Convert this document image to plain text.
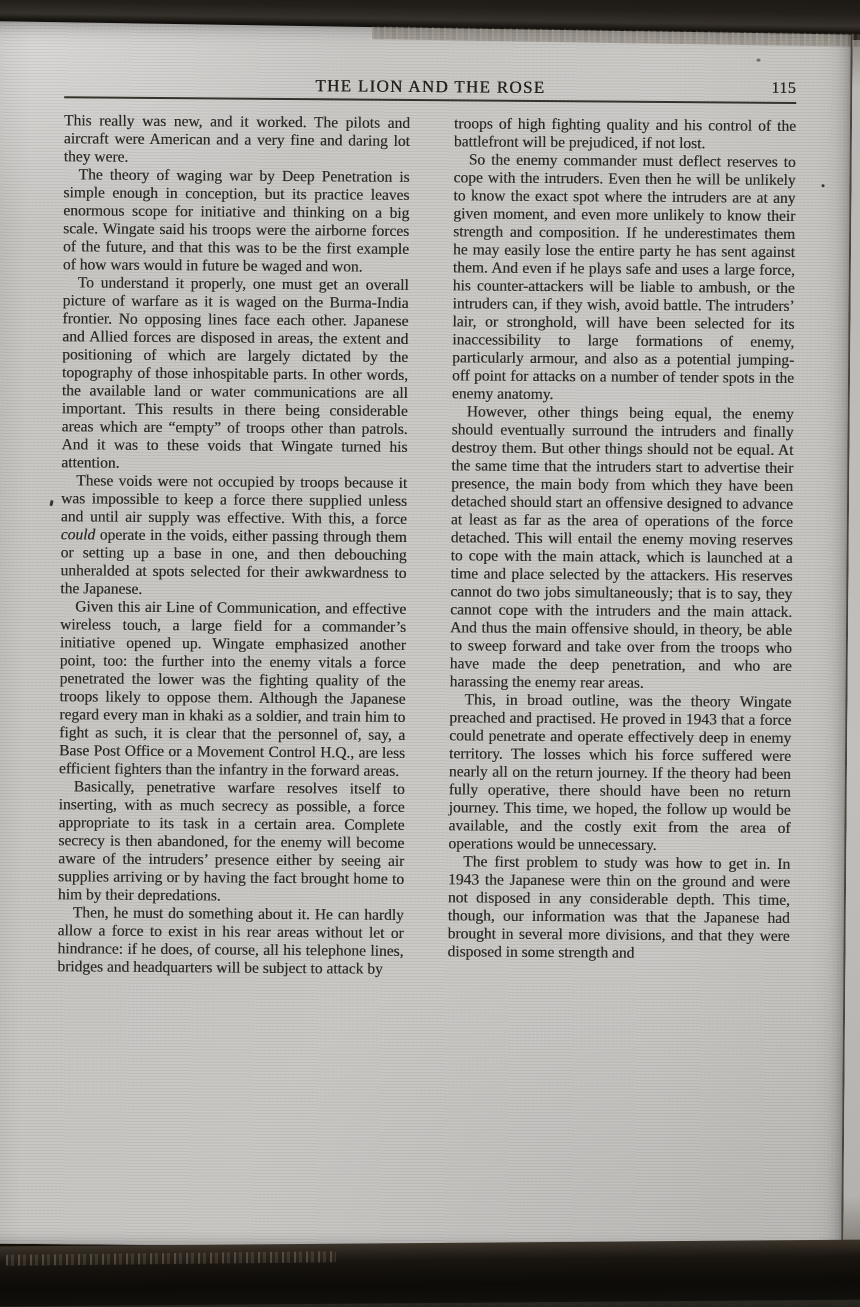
THE LION AND THE ROSE	115

This really was new, and it worked. The pilots and aircraft were American and a very fine and daring lot they were.

The theory of waging war by Deep Penetration is simple enough in conception, but its practice leaves enormous scope for initiative and thinking on a big scale. Wingate said his troops were the airborne forces of the future, and that this was to be the first example of how wars would in future be waged and won.

To understand it properly, one must get an overall picture of warfare as it is waged on the Burma-India frontier. No opposing lines face each other. Japanese and Allied forces are disposed in areas, the extent and positioning of which are largely dictated by the topography of those inhospitable parts. In other words, the available land or water communications are all important. This results in there being considerable areas which are “empty” of troops other than patrols. And it was to these voids that Wingate turned his attention.

These voids were not occupied by troops because it was impossible to keep a force there supplied unless and until air supply was effective. With this, a force could operate in the voids, either passing through them or setting up a base in one, and then debouching unheralded at spots selected for their awkwardness to the Japanese.

Given this air Line of Communication, and effective wireless touch, a large field for a commander’s initiative opened up. Wingate emphasized another point, too: the further into the enemy vitals a force penetrated the lower was the fighting quality of the troops likely to oppose them. Although the Japanese regard every man in khaki as a soldier, and train him to fight as such, it is clear that the personnel of, say, a Base Post Office or a Movement Control H.Q., are less efficient fighters than the infantry in the forward areas.

Basically, penetrative warfare resolves itself to inserting, with as much secrecy as possible, a force appropriate to its task in a certain area. Complete secrecy is then abandoned, for the enemy will become aware of the intruders’ presence either by seeing air supplies arriving or by having the fact brought home to him by their depredations.

Then, he must do something about it. He can hardly allow a force to exist in his rear areas without let or hindrance: if he does, of course, all his telephone lines, bridges and headquarters will be subject to attack by

troops of high fighting quality and his control of the battlefront will be prejudiced, if not lost.

So the enemy commander must deflect reserves to cope with the intruders. Even then he will be unlikely to know the exact spot where the intruders are at any given moment, and even more unlikely to know their strength and composition. If he underestimates them he may easily lose the entire party he has sent against them. And even if he plays safe and uses a large force, his counter-attackers will be liable to ambush, or the intruders can, if they wish, avoid battle. The intruders’ lair, or stronghold, will have been selected for its inaccessibility to large formations of enemy, particularly armour, and also as a potential jumping-off point for attacks on a number of tender spots in the enemy anatomy.

However, other things being equal, the enemy should eventually surround the intruders and finally destroy them. But other things should not be equal. At the same time that the intruders start to advertise their presence, the main body from which they have been detached should start an offensive designed to advance at least as far as the area of operations of the force detached. This will entail the enemy moving reserves to cope with the main attack, which is launched at a time and place selected by the attackers. His reserves cannot do two jobs simultaneously; that is to say, they cannot cope with the intruders and the main attack. And thus the main offensive should, in theory, be able to sweep forward and take over from the troops who have made the deep penetration, and who are harassing the enemy rear areas.

This, in broad outline, was the theory Wingate preached and practised. He proved in 1943 that a force could penetrate and operate effectively deep in enemy territory. The losses which his force suffered were nearly all on the return journey. If the theory had been fully operative, there should have been no return journey. This time, we hoped, the follow up would be available, and the costly exit from the area of operations would be unnecessary.

The first problem to study was how to get in. In 1943 the Japanese were thin on the ground and were not disposed in any considerable depth. This time, though, our information was that the Japanese had brought in several more divisions, and that they were disposed in some strength and
